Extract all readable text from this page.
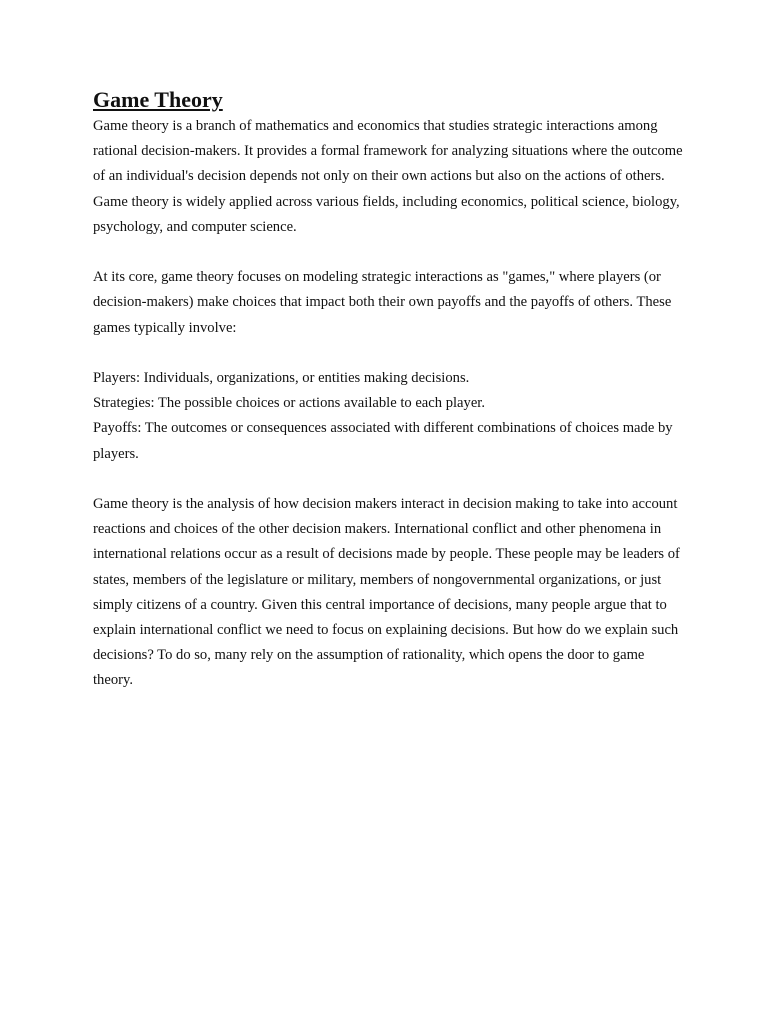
Game Theory

Game theory is a branch of mathematics and economics that studies strategic interactions among rational decision-makers. It provides a formal framework for analyzing situations where the outcome of an individual's decision depends not only on their own actions but also on the actions of others. Game theory is widely applied across various fields, including economics, political science, biology, psychology, and computer science.

At its core, game theory focuses on modeling strategic interactions as "games," where players (or decision-makers) make choices that impact both their own payoffs and the payoffs of others. These games typically involve:

Players: Individuals, organizations, or entities making decisions.

Strategies: The possible choices or actions available to each player.

Payoffs: The outcomes or consequences associated with different combinations of choices made by players.

Game theory is the analysis of how decision makers interact in decision making to take into account reactions and choices of the other decision makers. International conflict and other phenomena in international relations occur as a result of decisions made by people. These people may be leaders of states, members of the legislature or military, members of nongovernmental organizations, or just simply citizens of a country. Given this central importance of decisions, many people argue that to explain international conflict we need to focus on explaining decisions. But how do we explain such decisions? To do so, many rely on the assumption of rationality, which opens the door to game theory.
